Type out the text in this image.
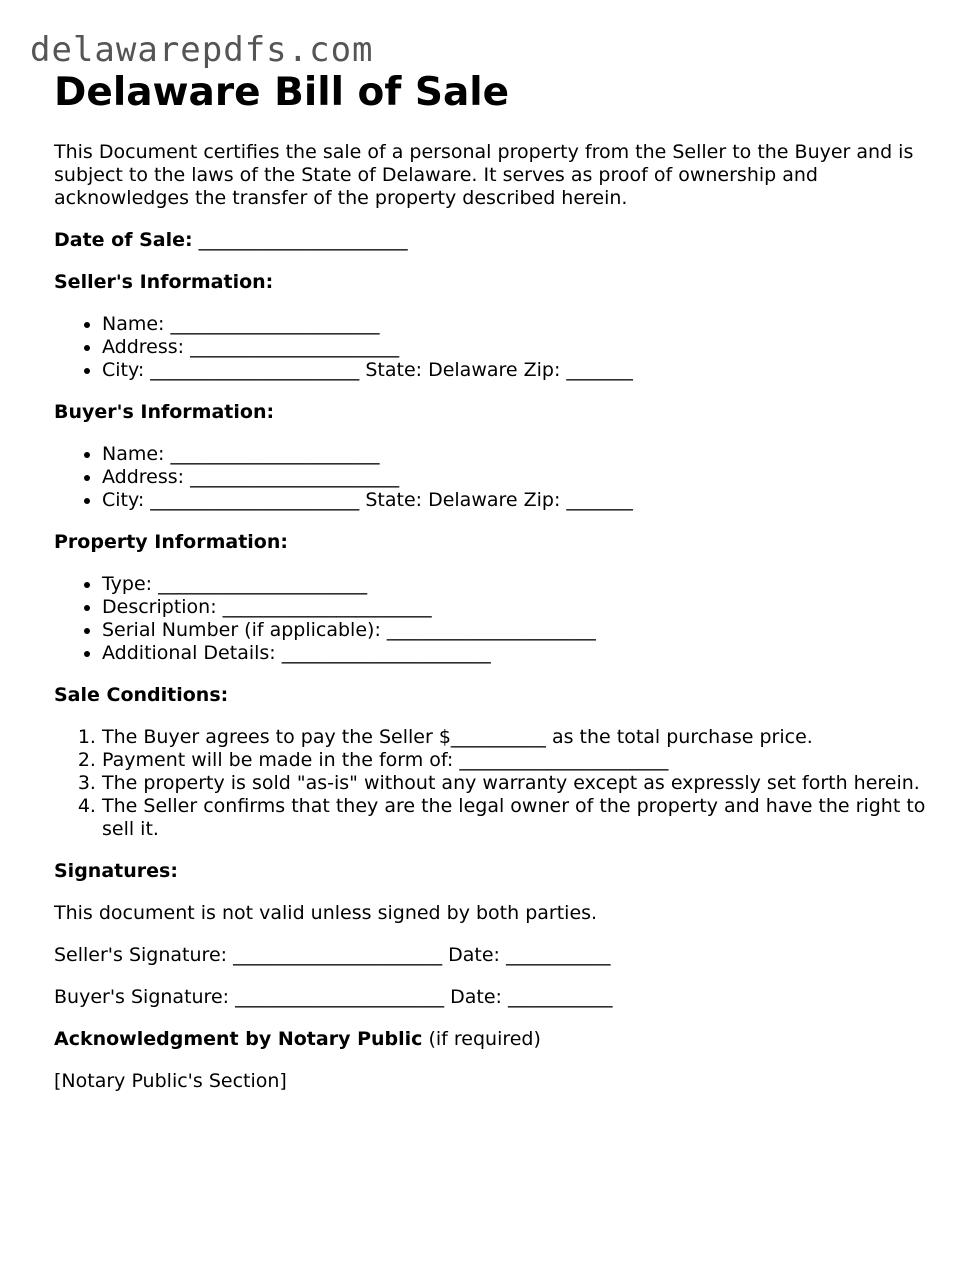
delawarepdfs.com
Delaware Bill of Sale

This Document certifies the sale of a personal property from the Seller to the Buyer and is subject to the laws of the State of Delaware. It serves as proof of ownership and acknowledges the transfer of the property described herein.

Date of Sale: ______________________

Seller's Information:

• Name: ______________________
• Address: ______________________
• City: ______________________ State: Delaware Zip: _______

Buyer's Information:

• Name: ______________________
• Address: ______________________
• City: ______________________ State: Delaware Zip: _______

Property Information:

• Type: ______________________
• Description: ______________________
• Serial Number (if applicable): ______________________
• Additional Details: ______________________

Sale Conditions:

1. The Buyer agrees to pay the Seller $__________ as the total purchase price.
2. Payment will be made in the form of: ______________________
3. The property is sold "as-is" without any warranty except as expressly set forth herein.
4. The Seller confirms that they are the legal owner of the property and have the right to sell it.

Signatures:

This document is not valid unless signed by both parties.

Seller's Signature: ______________________ Date: ___________

Buyer's Signature: ______________________ Date: ___________

Acknowledgment by Notary Public (if required)

[Notary Public's Section]
